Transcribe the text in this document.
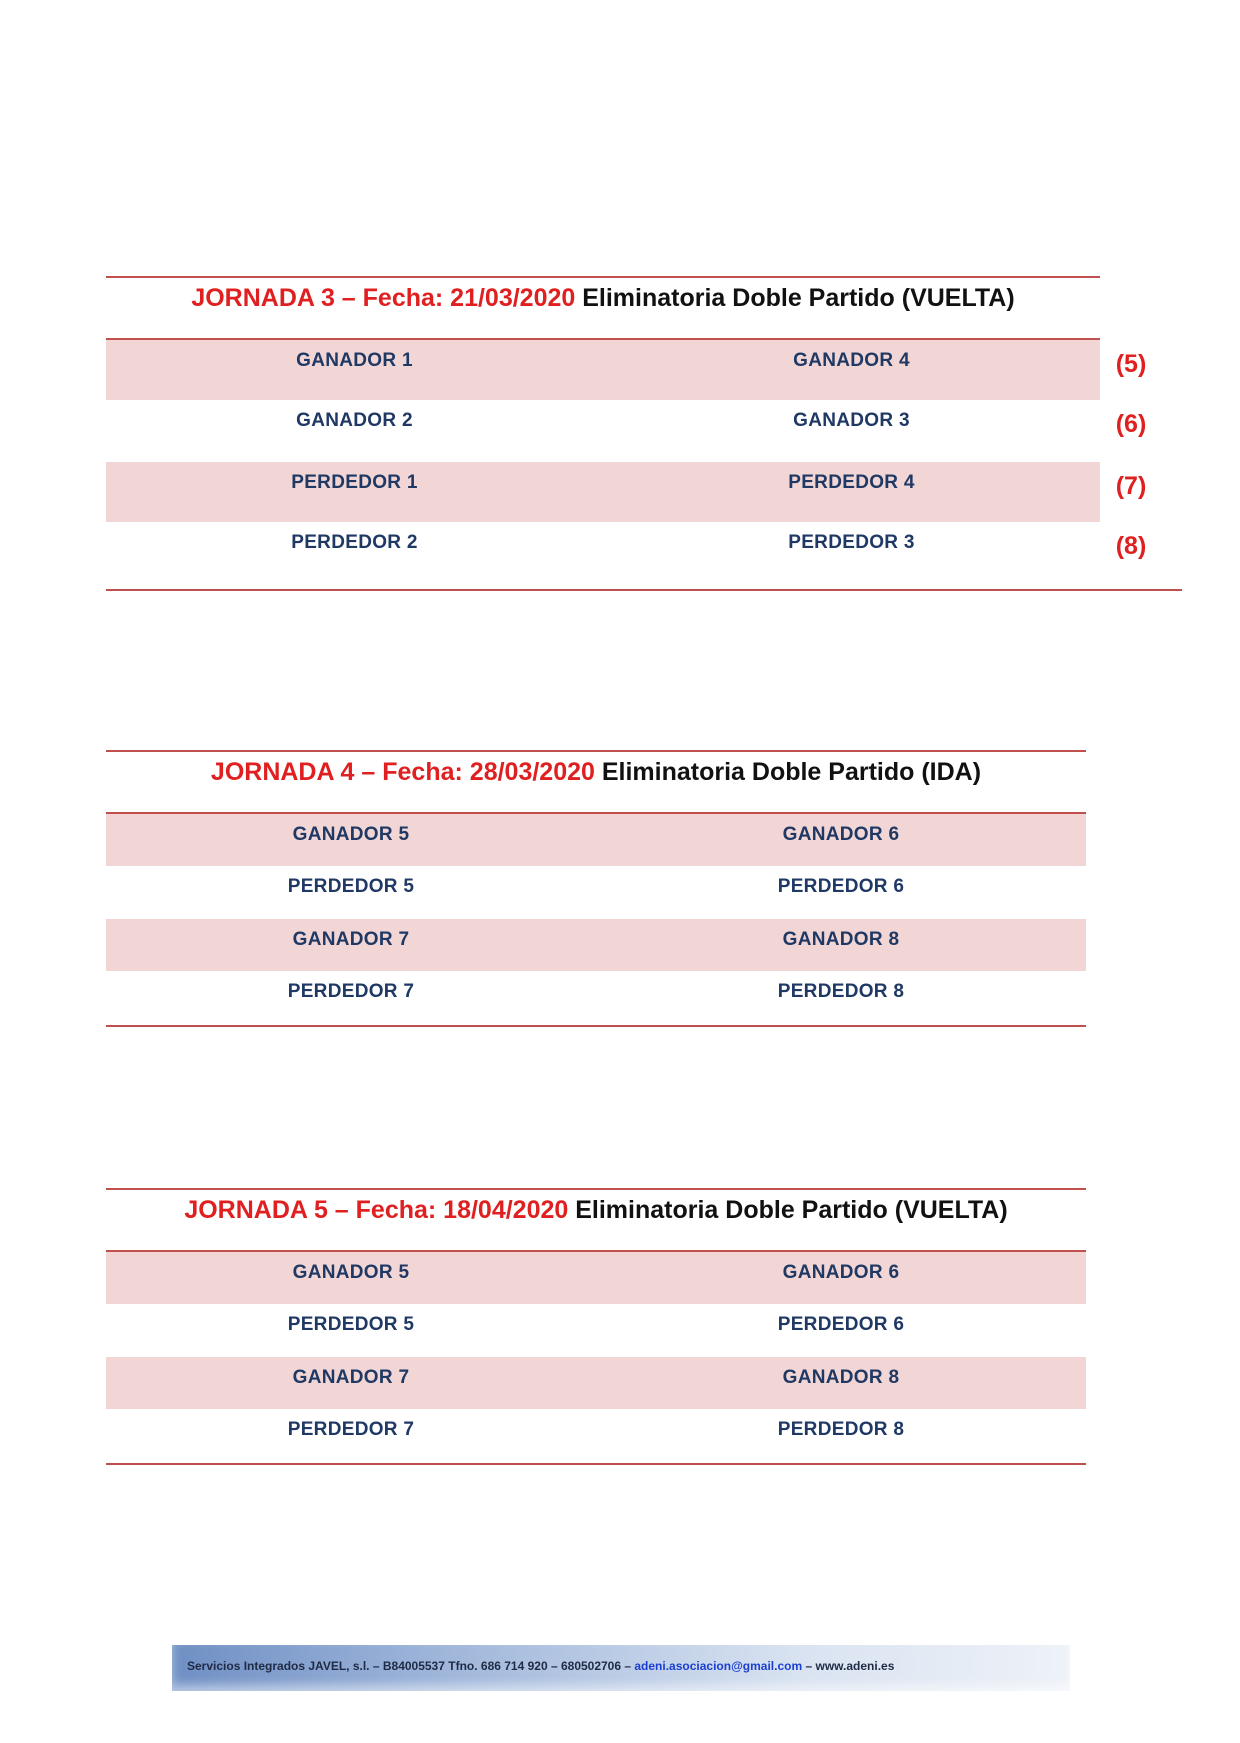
JORNADA 3 – Fecha: 21/03/2020 Eliminatoria Doble Partido (VUELTA)
GANADOR 1	GANADOR 4	(5)
GANADOR 2	GANADOR 3	(6)
PERDEDOR 1	PERDEDOR 4	(7)
PERDEDOR 2	PERDEDOR 3	(8)
JORNADA 4 – Fecha: 28/03/2020 Eliminatoria Doble Partido (IDA)
GANADOR 5	GANADOR 6
PERDEDOR 5	PERDEDOR 6
GANADOR 7	GANADOR 8
PERDEDOR 7	PERDEDOR 8
JORNADA 5 – Fecha: 18/04/2020 Eliminatoria Doble Partido (VUELTA)
GANADOR 5	GANADOR 6
PERDEDOR 5	PERDEDOR 6
GANADOR 7	GANADOR 8
PERDEDOR 7	PERDEDOR 8
Servicios Integrados JAVEL, s.l. – B84005537 Tfno. 686 714 920 – 680502706 – adeni.asociacion@gmail.com – www.adeni.es
